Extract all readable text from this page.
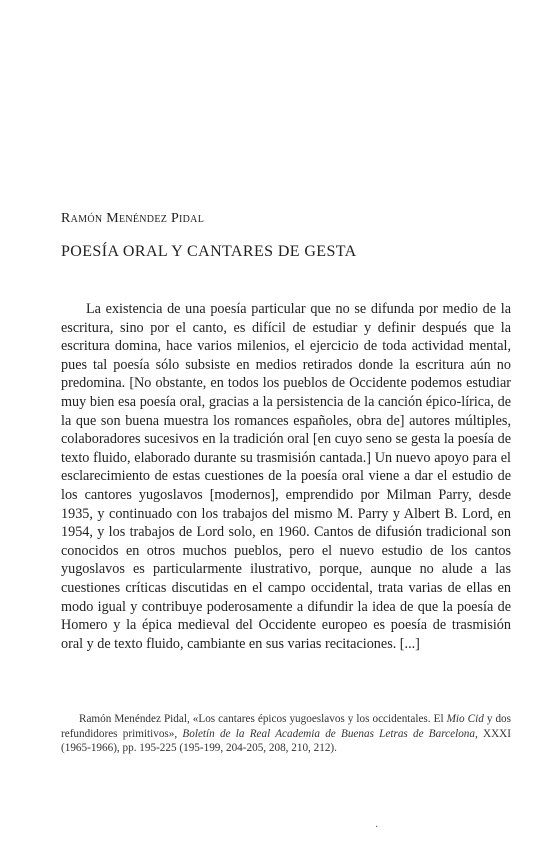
Ramón Menéndez Pidal
POESÍA ORAL Y CANTARES DE GESTA

La existencia de una poesía particular que no se difunda por medio de la escritura, sino por el canto, es difícil de estudiar y definir después que la escritura domina, hace varios milenios, el ejercicio de toda actividad mental, pues tal poesía sólo subsiste en medios retirados donde la escritura aún no predomina. [No obstante, en todos los pueblos de Occidente podemos estudiar muy bien esa poesía oral, gracias a la persistencia de la canción épico-lírica, de la que son buena muestra los romances españoles, obra de] autores múltiples, colaboradores sucesivos en la tradición oral [en cuyo seno se gesta la poesía de texto fluido, elaborado durante su trasmisión cantada.] Un nuevo apoyo para el esclarecimiento de estas cuestiones de la poesía oral viene a dar el estudio de los cantores yugoslavos [modernos], emprendido por Milman Parry, desde 1935, y continuado con los trabajos del mismo M. Parry y Albert B. Lord, en 1954, y los trabajos de Lord solo, en 1960. Cantos de difusión tradicional son conocidos en otros muchos pueblos, pero el nuevo estudio de los cantos yugoslavos es particularmente ilustrativo, porque, aunque no alude a las cuestiones críticas discutidas en el campo occidental, trata varias de ellas en modo igual y contribuye poderosamente a difundir la idea de que la poesía de Homero y la épica medieval del Occidente europeo es poesía de trasmisión oral y de texto fluido, cambiante en sus varias recitaciones. [...]

Ramón Menéndez Pidal, «Los cantares épicos yugoeslavos y los occidentales. El Mio Cid y dos refundidores primitivos», Boletín de la Real Academia de Buenas Letras de Barcelona, XXXI (1965-1966), pp. 195-225 (195-199, 204-205, 208, 210, 212).

·
